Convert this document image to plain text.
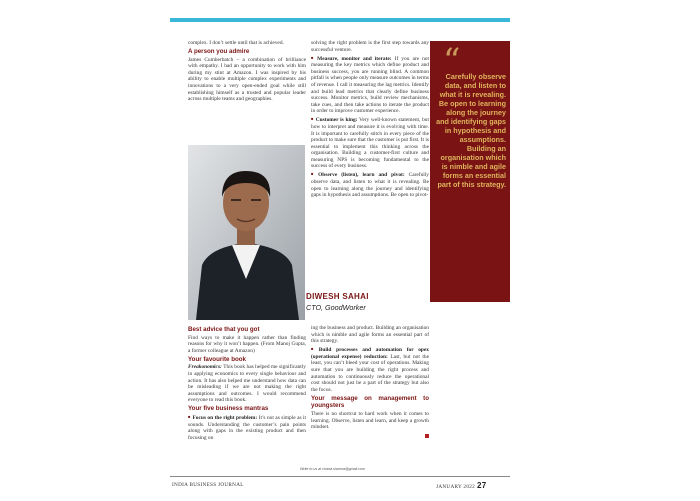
complex. I don’t settle until that is achieved.

A person you admire

James Cumberbatch – a combination of brilliance with empathy. I had an opportunity to work with him during my stint at Amazon. I was inspired by his ability to enable multiple complex experiments and innovations to a very open-ended goal while still establishing himself as a trusted and popular leader across multiple teams and geographies.

DIWESH SAHAI
CTO, GoodWorker

solving the right problem is the first step towards any successful venture.

■ Measure, monitor and iterate: If you are not measuring the key metrics which define product and business success, you are running blind. A common pitfall is when people only measure outcomes in terms of revenue. I call it measuring the lag metrics. Identify and build lead metrics that clearly define business success. Monitor metrics, build review mechanisms, take cues, and then take actions to iterate the product in order to improve customer experience.

■ Customer is king: Very well-known statement, but how to interpret and measure it is evolving with time. It is important to carefully stitch in every piece of the product to make sure that the customer is put first. It is essential to implement this thinking across the organisation. Building a customer-first culture and measuring NPS is becoming fundamental to the success of every business.

■ Observe (listen), learn and pivot: Carefully observe data, and listen to what it is revealing. Be open to learning along the journey and identifying gaps in hypothesis and assumptions. Be open to pivot-

“
Carefully observe data, and listen to what it is revealing. Be open to learning along the journey and identifying gaps in hypothesis and assumptions. Building an organisation which is nimble and agile forms an essential part of this strategy.
Best advice that you got

Find ways to make it happen rather than finding reasons for why it won’t happen. (From Manoj Gupta, a former colleague at Amazon)

Your favourite book

Freakonomics: This book has helped me significantly in applying economics to every single behaviour and action. It has also helped me understand how data can be misleading if we are not making the right assumptions and outcomes. I would recommend everyone to read this book.

Your five business mantras

■ Focus on the right problem: It’s not as simple as it sounds. Understanding the customer’s pain points along with gaps in the existing product and then focusing on

ing the business and product. Building an organisation which is nimble and agile forms an essential part of this strategy.

■ Build processes and automation for opex (operational expense) reduction: Last, but not the least, you can’t bleed your cost of operations. Making sure that you are building the right process and automation to continuously reduce the operational cost should not just be a part of the strategy but also the focus.

Your message on management to youngsters

There is no shortcut to hard work when it comes to learning. Observe, listen and learn, and keep a growth mindset.

Write to us at chand.sharma@gmail.com
INDIA BUSINESS JOURNAL	JANUARY 2022 27
